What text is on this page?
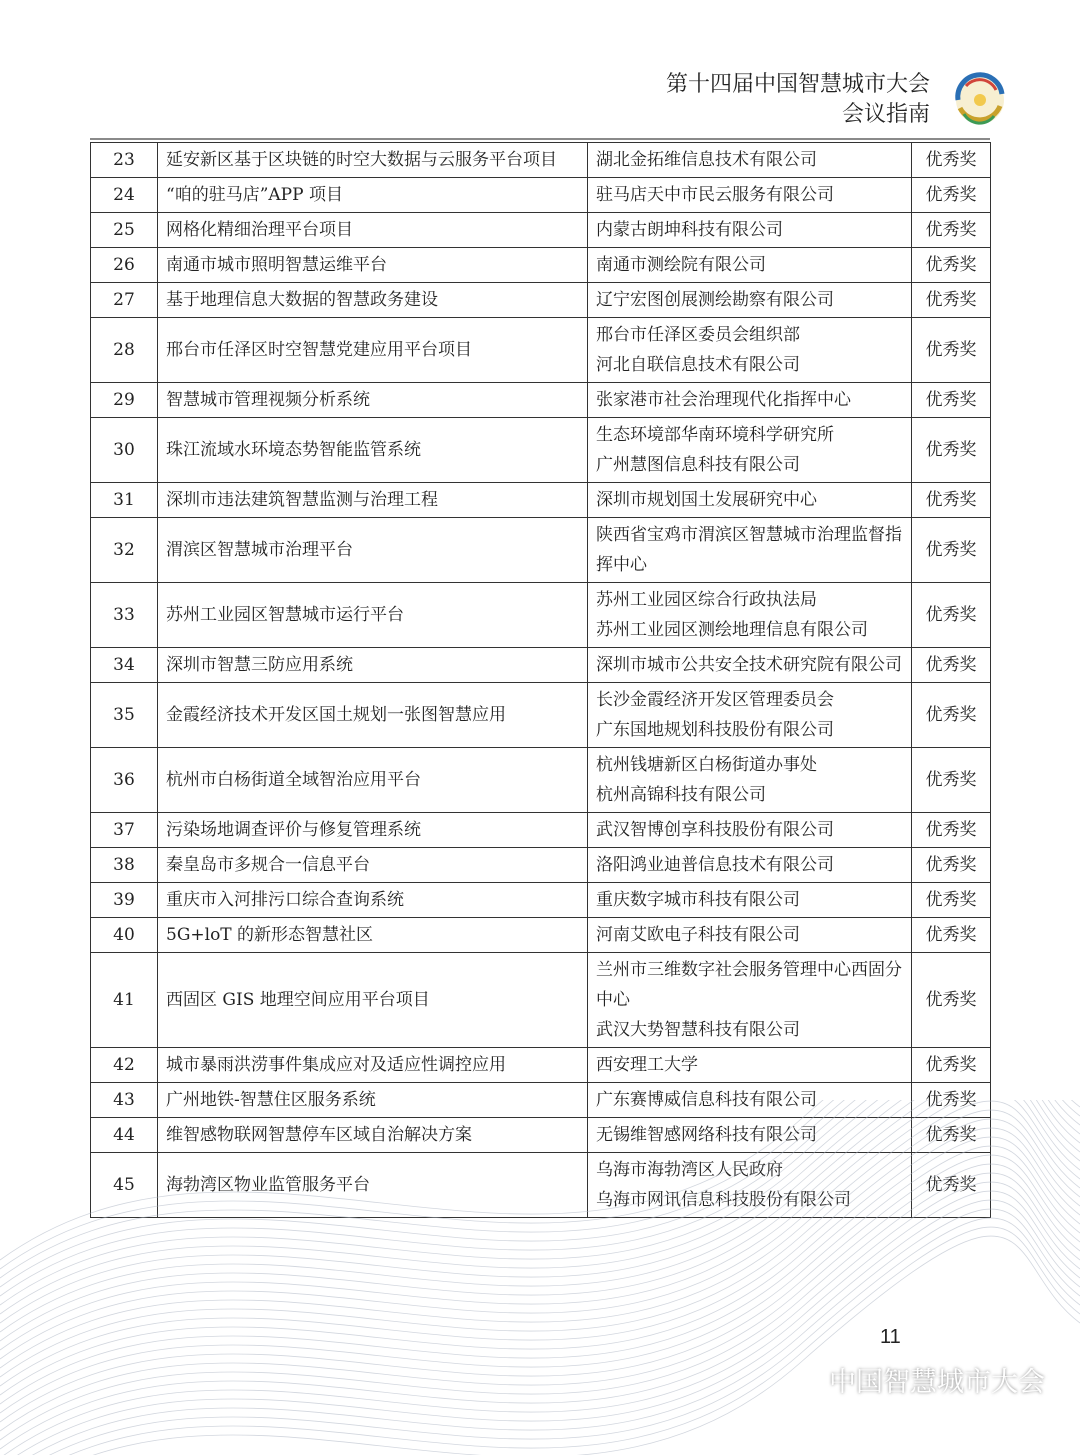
第十四届中国智慧城市大会
会议指南
23	延安新区基于区块链的时空大数据与云服务平台项目	湖北金拓维信息技术有限公司	优秀奖
24	“咱的驻马店”APP 项目	驻马店天中市民云服务有限公司	优秀奖
25	网格化精细治理平台项目	内蒙古朗坤科技有限公司	优秀奖
26	南通市城市照明智慧运维平台	南通市测绘院有限公司	优秀奖
27	基于地理信息大数据的智慧政务建设	辽宁宏图创展测绘勘察有限公司	优秀奖
28	邢台市任泽区时空智慧党建应用平台项目	邢台市任泽区委员会组织部
河北自联信息技术有限公司	优秀奖
29	智慧城市管理视频分析系统	张家港市社会治理现代化指挥中心	优秀奖
30	珠江流域水环境态势智能监管系统	生态环境部华南环境科学研究所
广州慧图信息科技有限公司	优秀奖
31	深圳市违法建筑智慧监测与治理工程	深圳市规划国土发展研究中心	优秀奖
32	渭滨区智慧城市治理平台	陕西省宝鸡市渭滨区智慧城市治理监督指挥中心	优秀奖
33	苏州工业园区智慧城市运行平台	苏州工业园区综合行政执法局
苏州工业园区测绘地理信息有限公司	优秀奖
34	深圳市智慧三防应用系统	深圳市城市公共安全技术研究院有限公司	优秀奖
35	金霞经济技术开发区国土规划一张图智慧应用	长沙金霞经济开发区管理委员会
广东国地规划科技股份有限公司	优秀奖
36	杭州市白杨街道全域智治应用平台	杭州钱塘新区白杨街道办事处
杭州高锦科技有限公司	优秀奖
37	污染场地调查评价与修复管理系统	武汉智博创享科技股份有限公司	优秀奖
38	秦皇岛市多规合一信息平台	洛阳鸿业迪普信息技术有限公司	优秀奖
39	重庆市入河排污口综合查询系统	重庆数字城市科技有限公司	优秀奖
40	5G+loT 的新形态智慧社区	河南艾欧电子科技有限公司	优秀奖
41	西固区 GIS 地理空间应用平台项目	兰州市三维数字社会服务管理中心西固分中心
武汉大势智慧科技有限公司	优秀奖
42	城市暴雨洪涝事件集成应对及适应性调控应用	西安理工大学	优秀奖
43	广州地铁-智慧住区服务系统	广东赛博威信息科技有限公司	优秀奖
44	维智感物联网智慧停车区域自治解决方案	无锡维智感网络科技有限公司	优秀奖
45	海勃湾区物业监管服务平台	乌海市海勃湾区人民政府
乌海市网讯信息科技股份有限公司	优秀奖
11
中国智慧城市大会
